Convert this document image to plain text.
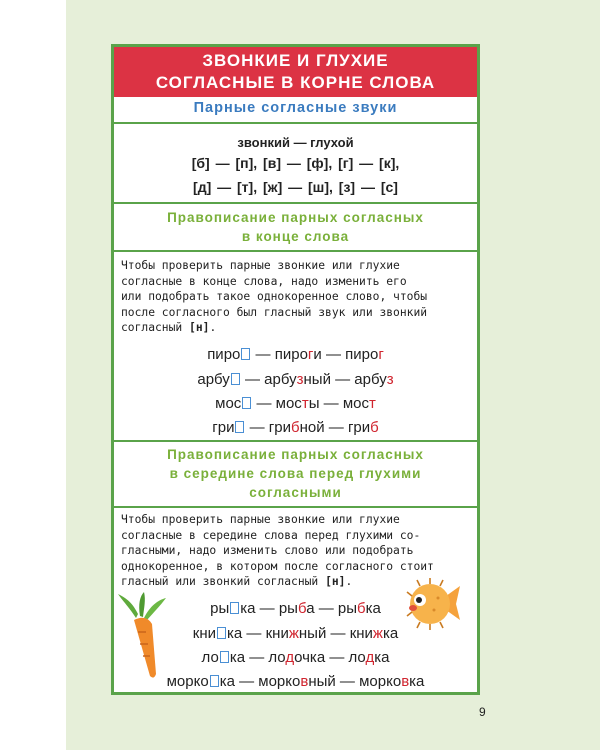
ЗВОНКИЕ И ГЛУХИЕ
СОГЛАСНЫЕ В КОРНЕ СЛОВА
Парные согласные звуки
звонкий — глухой
[б] — [п], [в] — [ф], [г] — [к],
[д] — [т], [ж] — [ш], [з] — [с]
Правописание парных согласных
в конце слова
Чтобы проверить парные звонкие или глухие
согласные в конце слова, надо изменить его
или подобрать такое однокоренное слово, чтобы
после согласного был гласный звук или звонкий
согласный [н].
пиро — пироги — пирог
арбу — арбузный — арбуз
мос — мосты — мост
гри — грибной — гриб
Правописание парных согласных
в середине слова перед глухими
согласными
Чтобы проверить парные звонкие или глухие
согласные в середине слова перед глухими со-
гласными, надо изменить слово или подобрать
однокоренное, в котором после согласного стоит
гласный или звонкий согласный [н].
ры ка — рыба — рыбка
кни ка — книжный — книжка
ло ка — лодочка — лодка
морко ка — морковный — морковка
9
